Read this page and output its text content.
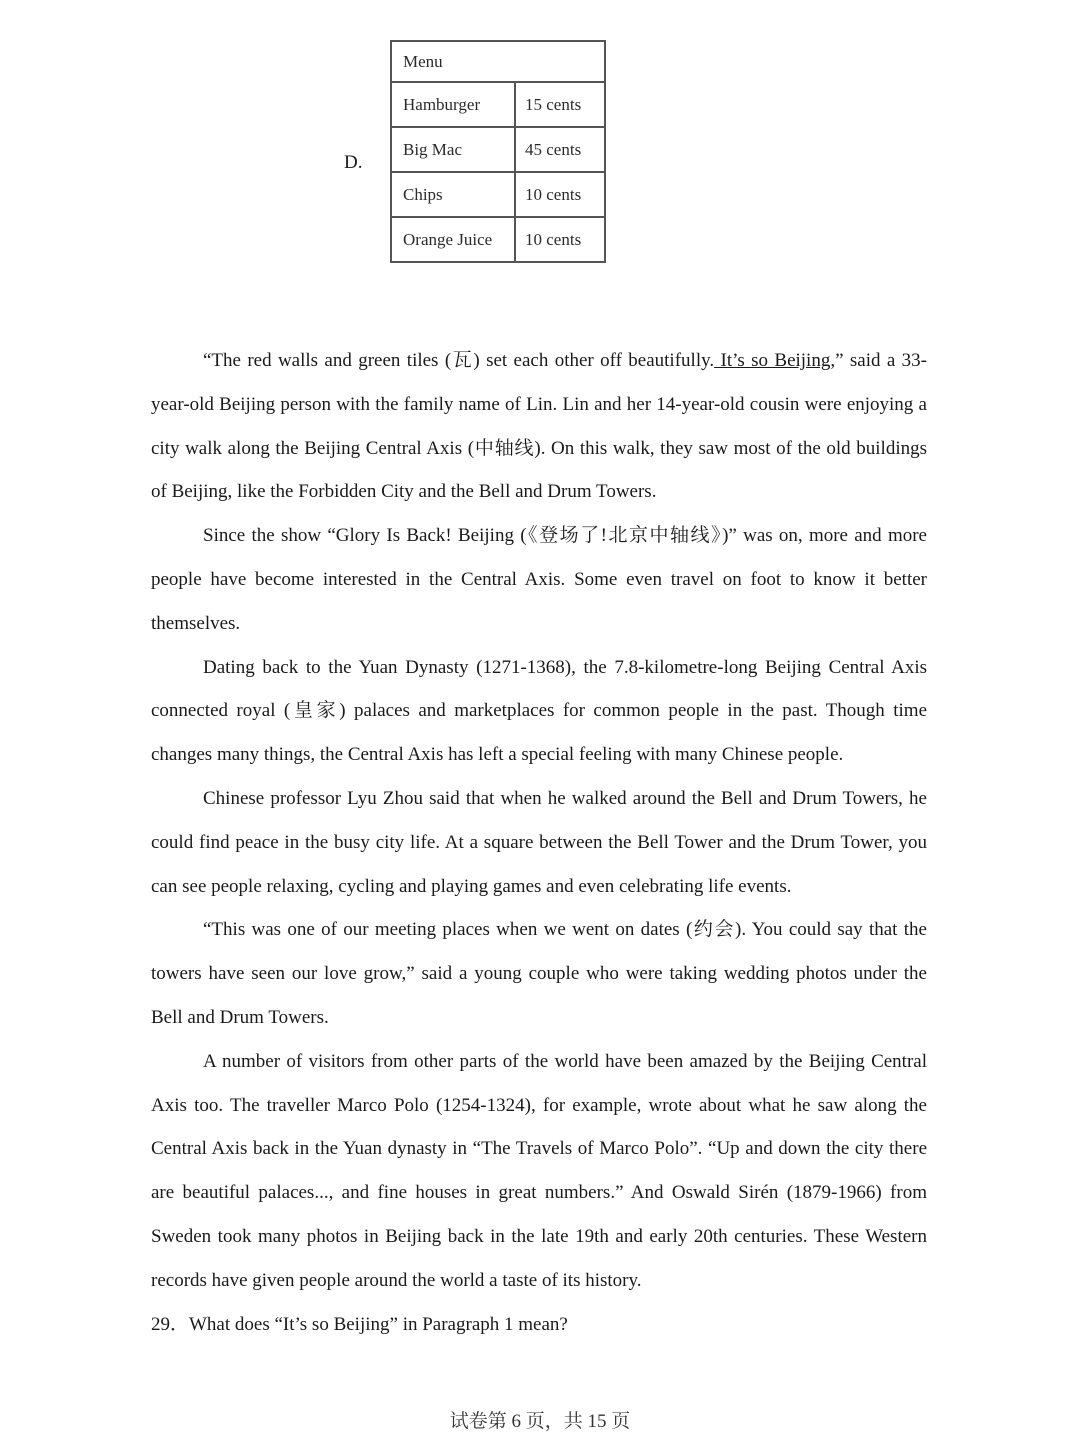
D.
Menu	
Hamburger	15 cents
Big Mac	45 cents
Chips	10 cents
Orange Juice	10 cents

“The red walls and green tiles (瓦) set each other off beautifully. It’s so Beijing,” said a 33-year-old Beijing person with the family name of Lin. Lin and her 14-year-old cousin were enjoying a city walk along the Beijing Central Axis (中轴线). On this walk, they saw most of the old buildings of Beijing, like the Forbidden City and the Bell and Drum Towers.

Since the show “Glory Is Back! Beijing (《登场了!北京中轴线》)” was on, more and more people have become interested in the Central Axis. Some even travel on foot to know it better themselves.

Dating back to the Yuan Dynasty (1271-1368), the 7.8-kilometre-long Beijing Central Axis connected royal (皇家) palaces and marketplaces for common people in the past. Though time changes many things, the Central Axis has left a special feeling with many Chinese people.

Chinese professor Lyu Zhou said that when he walked around the Bell and Drum Towers, he could find peace in the busy city life. At a square between the Bell Tower and the Drum Tower, you can see people relaxing, cycling and playing games and even celebrating life events.

“This was one of our meeting places when we went on dates (约会). You could say that the towers have seen our love grow,” said a young couple who were taking wedding photos under the Bell and Drum Towers.

A number of visitors from other parts of the world have been amazed by the Beijing Central Axis too. The traveller Marco Polo (1254-1324), for example, wrote about what he saw along the Central Axis back in the Yuan dynasty in “The Travels of Marco Polo”. “Up and down the city there are beautiful palaces..., and fine houses in great numbers.” And Oswald Sirén (1879-1966) from Sweden took many photos in Beijing back in the late 19th and early 20th centuries. These Western records have given people around the world a taste of its history.

29．What does “It’s so Beijing” in Paragraph 1 mean?

试卷第 6 页，共 15 页
